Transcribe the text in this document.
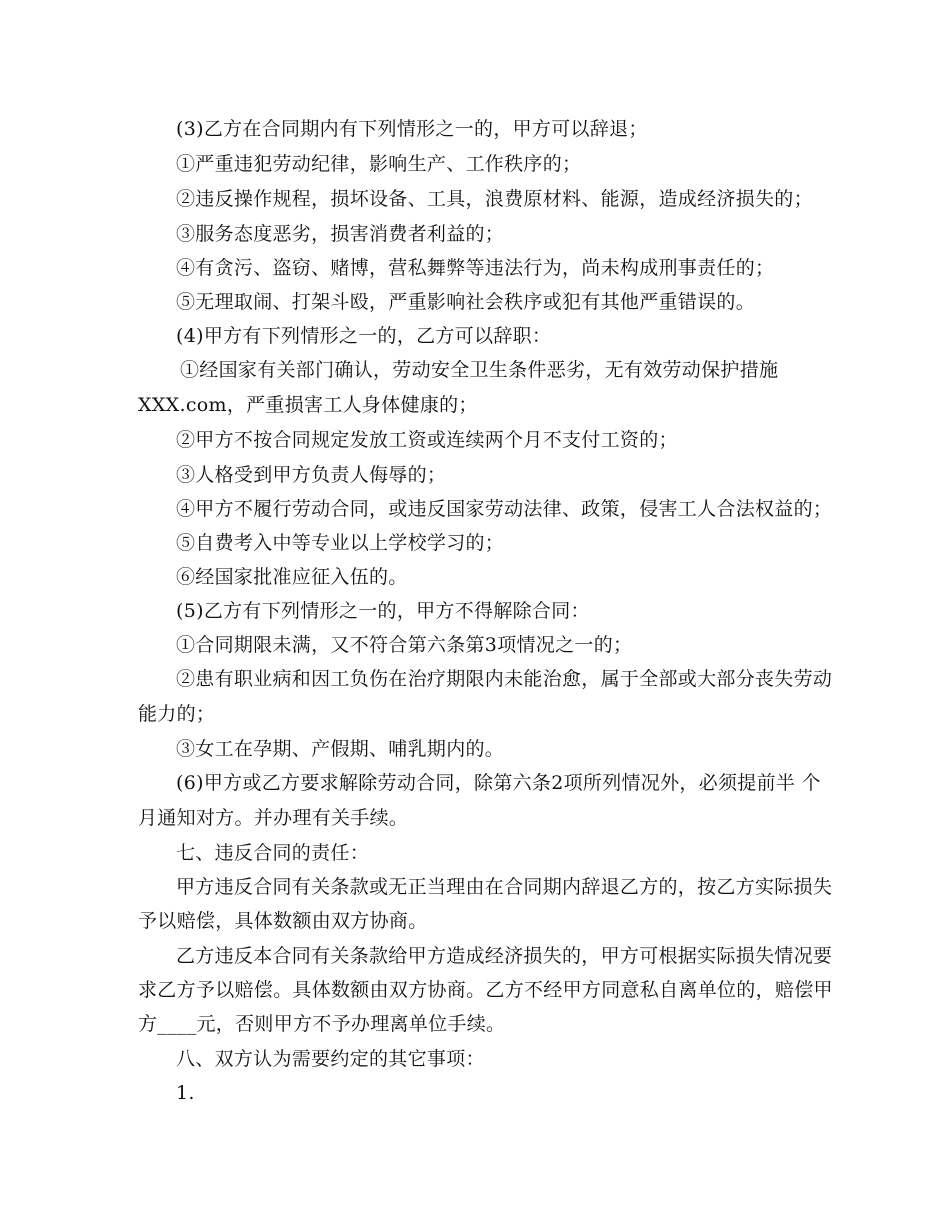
(3)乙方在合同期内有下列情形之一的，甲方可以辞退；
①严重违犯劳动纪律，影响生产、工作秩序的；
②违反操作规程，损坏设备、工具，浪费原材料、能源，造成经济损失的；
③服务态度恶劣，损害消费者利益的；
④有贪污、盗窃、赌博，营私舞弊等违法行为，尚未构成刑事责任的；
⑤无理取闹、打架斗殴，严重影响社会秩序或犯有其他严重错误的。
(4)甲方有下列情形之一的，乙方可以辞职：
①经国家有关部门确认，劳动安全卫生条件恶劣，无有效劳动保护措施
XXX.com，严重损害工人身体健康的；
②甲方不按合同规定发放工资或连续两个月不支付工资的；
③人格受到甲方负责人侮辱的；
④甲方不履行劳动合同，或违反国家劳动法律、政策，侵害工人合法权益的；
⑤自费考入中等专业以上学校学习的；
⑥经国家批准应征入伍的。
(5)乙方有下列情形之一的，甲方不得解除合同：
①合同期限未满，又不符合第六条第3项情况之一的；
②患有职业病和因工负伤在治疗期限内未能治愈，属于全部或大部分丧失劳动
能力的；
③女工在孕期、产假期、哺乳期内的。
(6)甲方或乙方要求解除劳动合同，除第六条2项所列情况外，必须提前半 个
月通知对方。并办理有关手续。
七、违反合同的责任：
甲方违反合同有关条款或无正当理由在合同期内辞退乙方的，按乙方实际损失
予以赔偿，具体数额由双方协商。
乙方违反本合同有关条款给甲方造成经济损失的，甲方可根据实际损失情况要
求乙方予以赔偿。具体数额由双方协商。乙方不经甲方同意私自离单位的，赔偿甲
方____元，否则甲方不予办理离单位手续。
八、双方认为需要约定的其它事项：
1.
